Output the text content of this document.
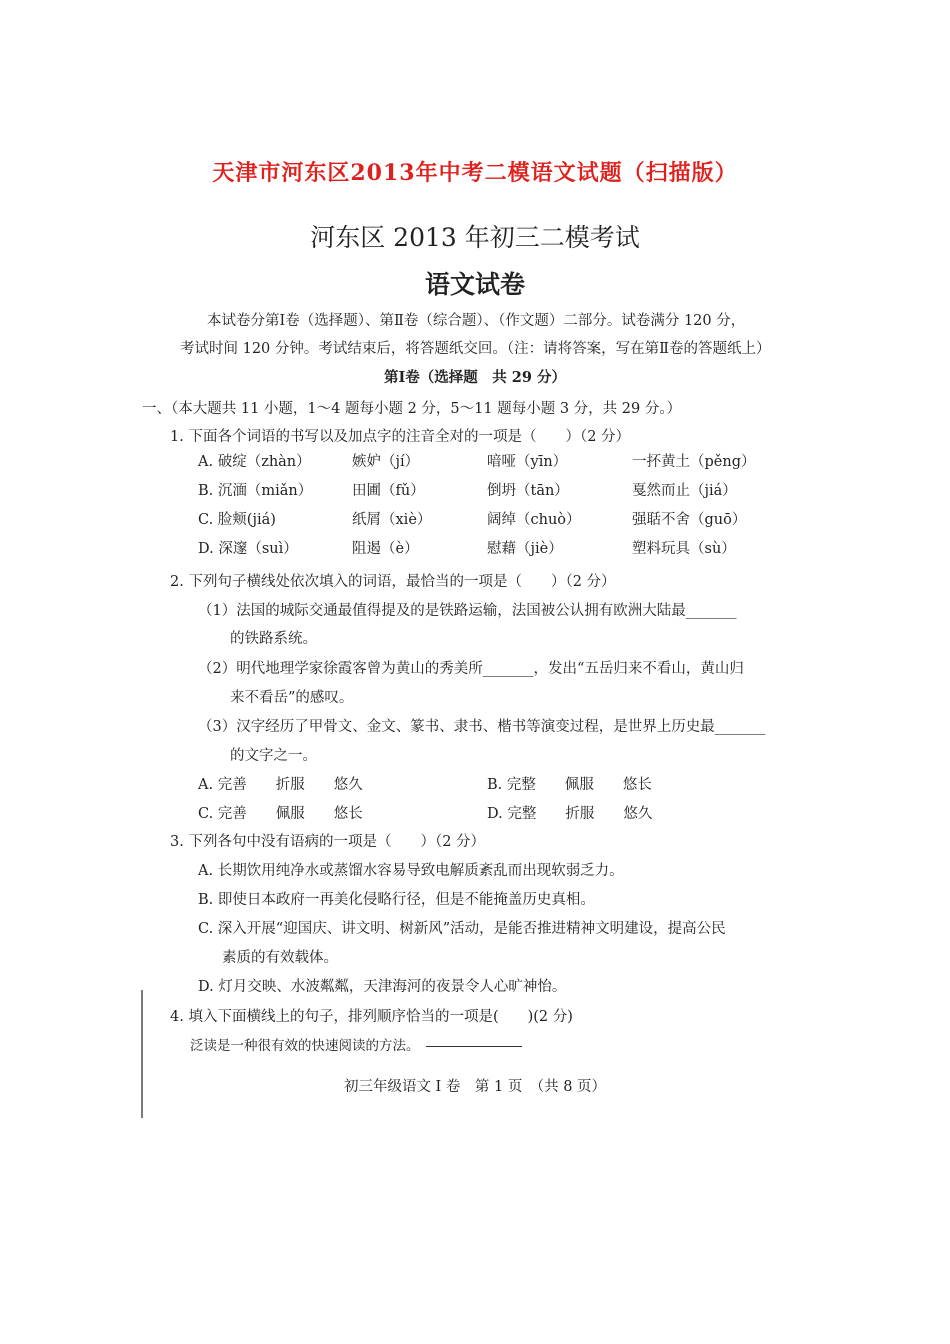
天津市河东区2013年中考二模语文试题（扫描版）
河东区 2013 年初三二模考试
语文试卷
本试卷分第Ⅰ卷（选择题）、第Ⅱ卷（综合题）、（作文题）二部分。试卷满分 120 分，
考试时间 120 分钟。考试结束后，将答题纸交回。（注：请将答案，写在第Ⅱ卷的答题纸上）
第Ⅰ卷（选择题　共 29 分）
一、（本大题共 11 小题，1～4 题每小题 2 分，5～11 题每小题 3 分，共 29 分。）
1. 下面各个词语的书写以及加点字的注音全对的一项是（　　）（2 分）
A. 破绽（zhàn）	嫉妒（jí）	喑哑（yīn）	一抔黄土（pěng）
B. 沉湎（miǎn）	田圃（fǔ）	倒坍（tān）	戛然而止（jiá）
C. 脸颊(jiá)	纸屑（xiè）	阔绰（chuò）	强聒不舍（guō）
D. 深邃（suì）	阻遏（è）	慰藉（jiè）	塑料玩具（sù）
2. 下列句子横线处依次填入的词语，最恰当的一项是（　　）（2 分）
（1）法国的城际交通最值得提及的是铁路运输，法国被公认拥有欧洲大陆最_______
的铁路系统。
（2）明代地理学家徐霞客曾为黄山的秀美所_______，发出“五岳归来不看山，黄山归
来不看岳”的感叹。
（3）汉字经历了甲骨文、金文、篆书、隶书、楷书等演变过程，是世界上历史最_______
的文字之一。
A. 完善　　折服　　悠久	B. 完整　　佩服　　悠长
C. 完善　　佩服　　悠长	D. 完整　　折服　　悠久
3. 下列各句中没有语病的一项是（　　）（2 分）
A. 长期饮用纯净水或蒸馏水容易导致电解质紊乱而出现软弱乏力。
B. 即使日本政府一再美化侵略行径，但是不能掩盖历史真相。
C. 深入开展“迎国庆、讲文明、树新风”活动，是能否推进精神文明建设，提高公民
素质的有效载体。
D. 灯月交映、水波粼粼，天津海河的夜景令人心旷神怡。
4. 填入下面横线上的句子，排列顺序恰当的一项是(　　)(2 分)
泛读是一种很有效的快速阅读的方法。
初三年级语文 Ⅰ 卷　第 1 页　（共 8 页）
